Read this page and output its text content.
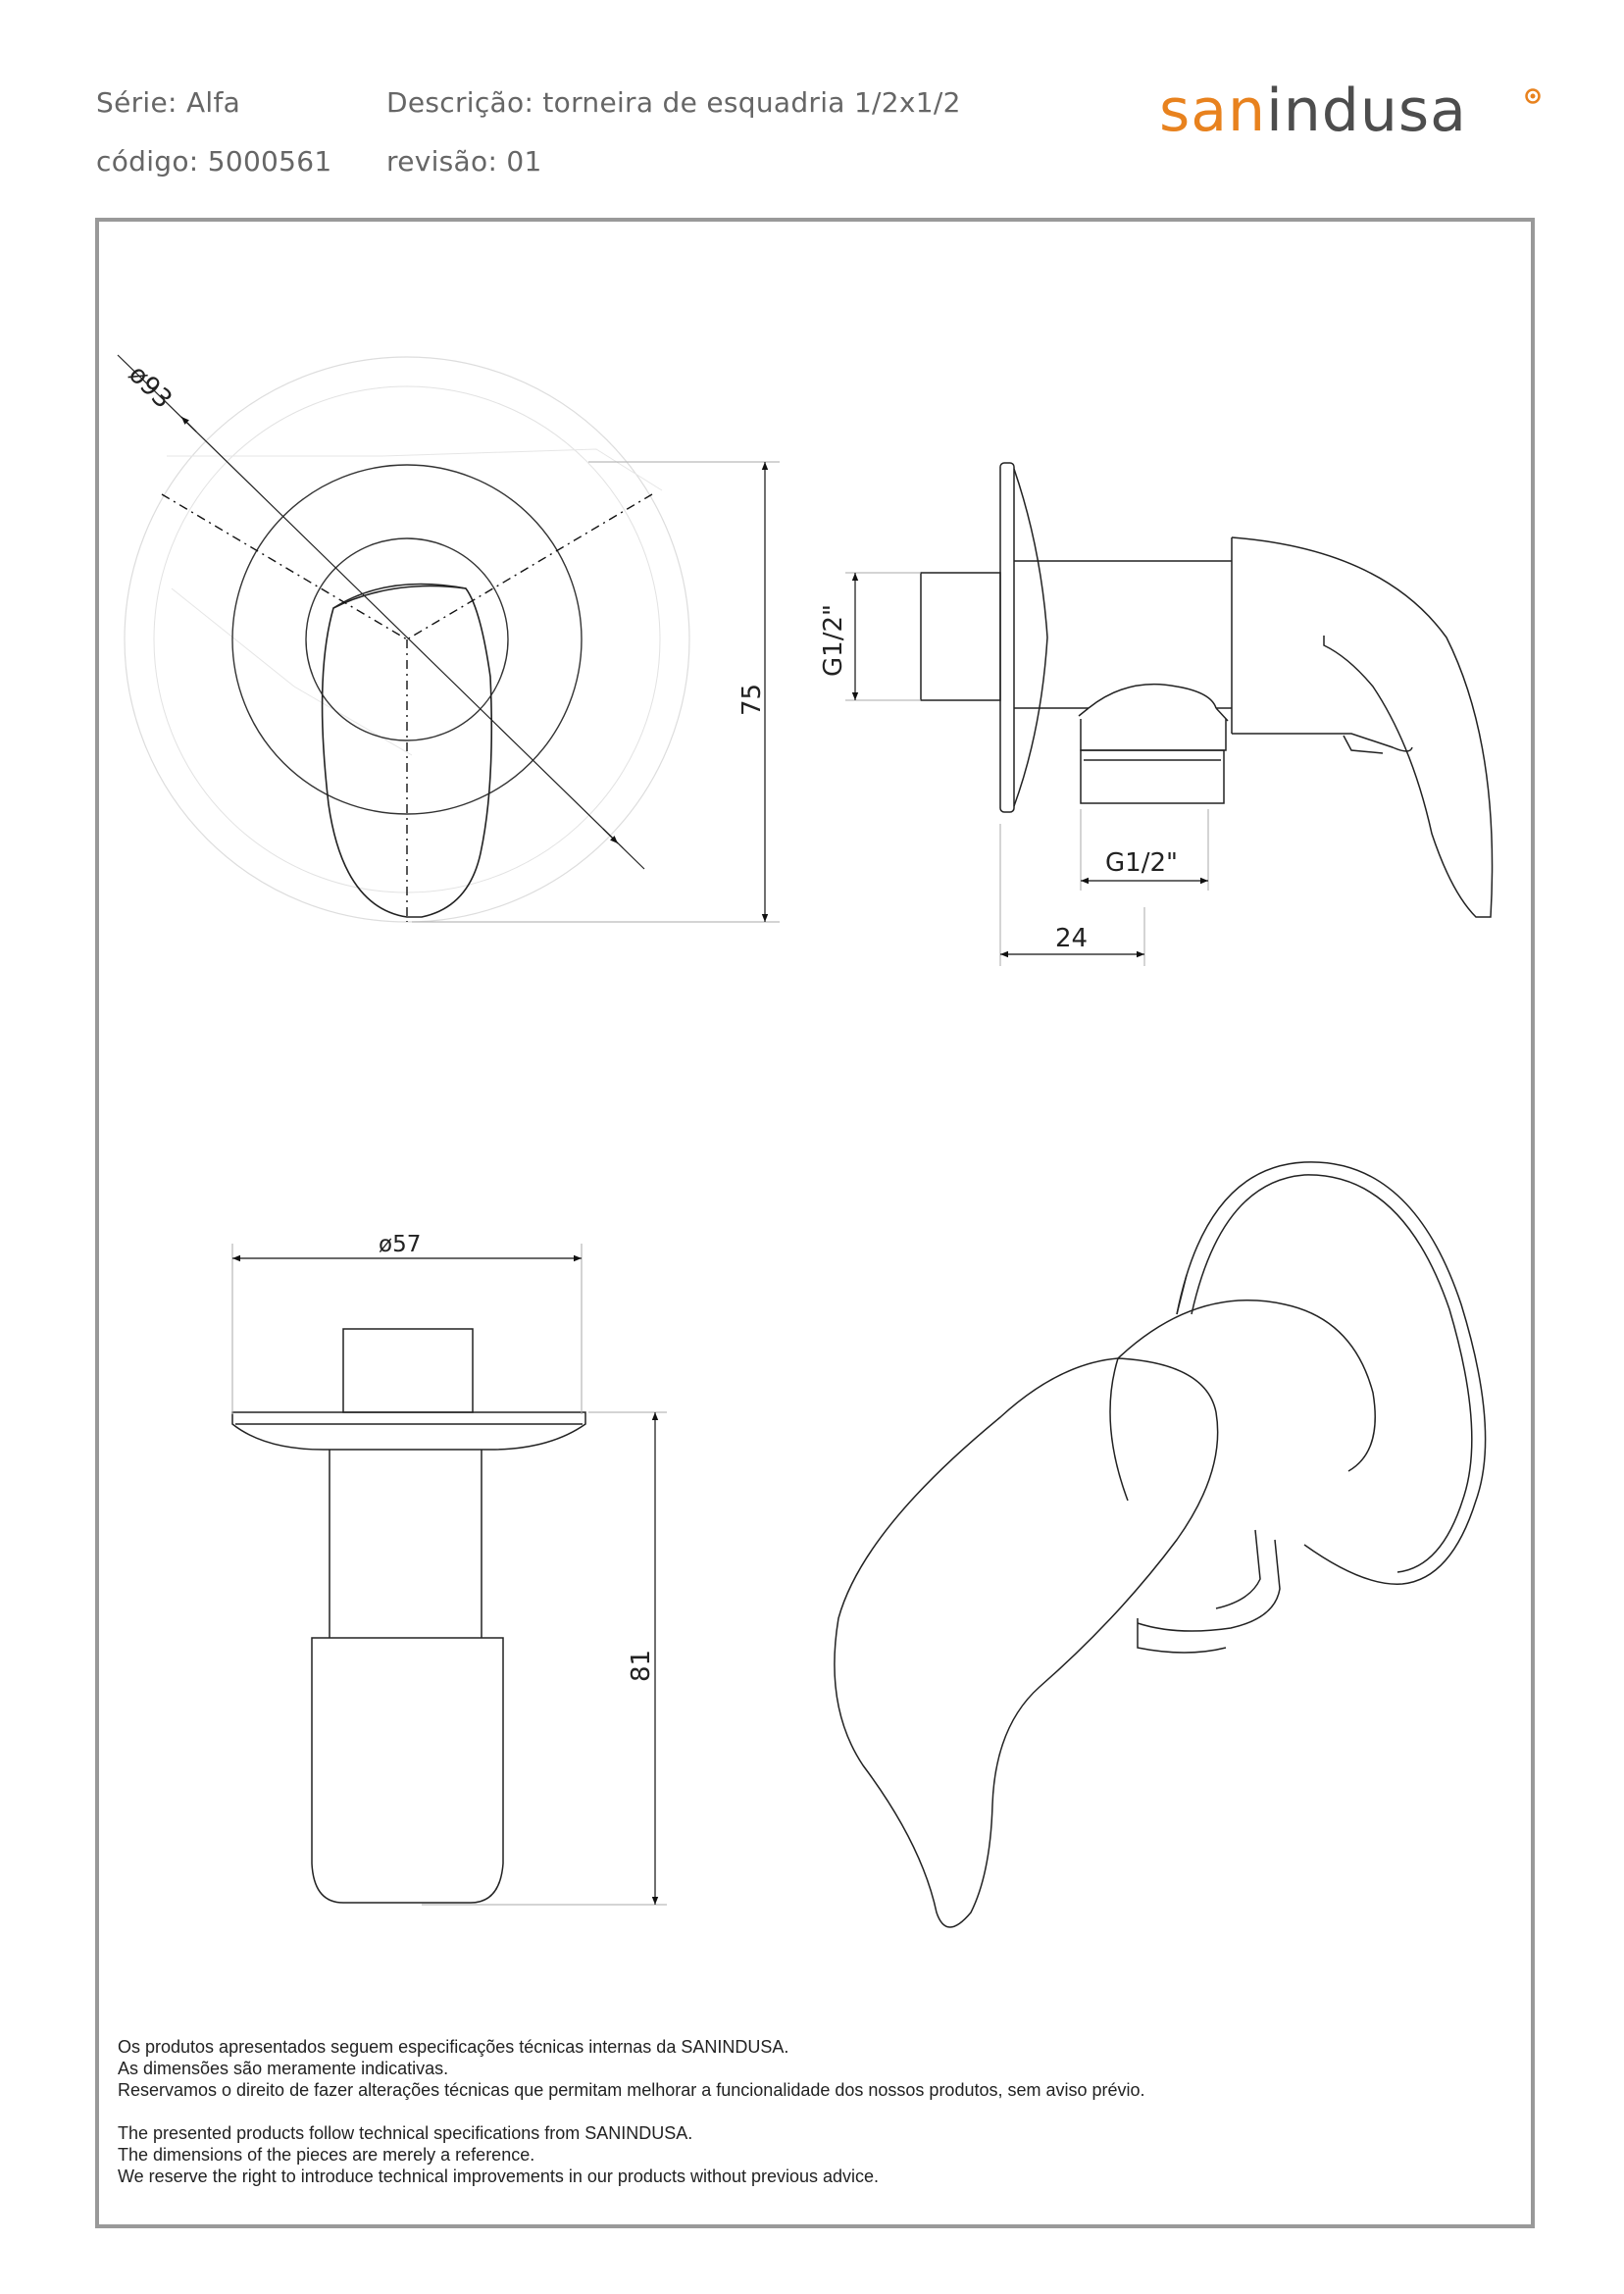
Série: Alfa
código: 5000561
Descrição: torneira de esquadria 1/2x1/2
revisão: 01
sanindusa
ø93
75
G1/2"
G1/2"
24
ø57
81
Os produtos apresentados seguem especificações técnicas internas da SANINDUSA.
As dimensões são meramente indicativas.
Reservamos o direito de fazer alterações técnicas que permitam melhorar a funcionalidade dos nossos produtos, sem aviso prévio.
The presented products follow technical specifications from SANINDUSA.
The dimensions of the pieces are merely a reference.
We reserve the right to introduce technical improvements in our products without previous advice.
